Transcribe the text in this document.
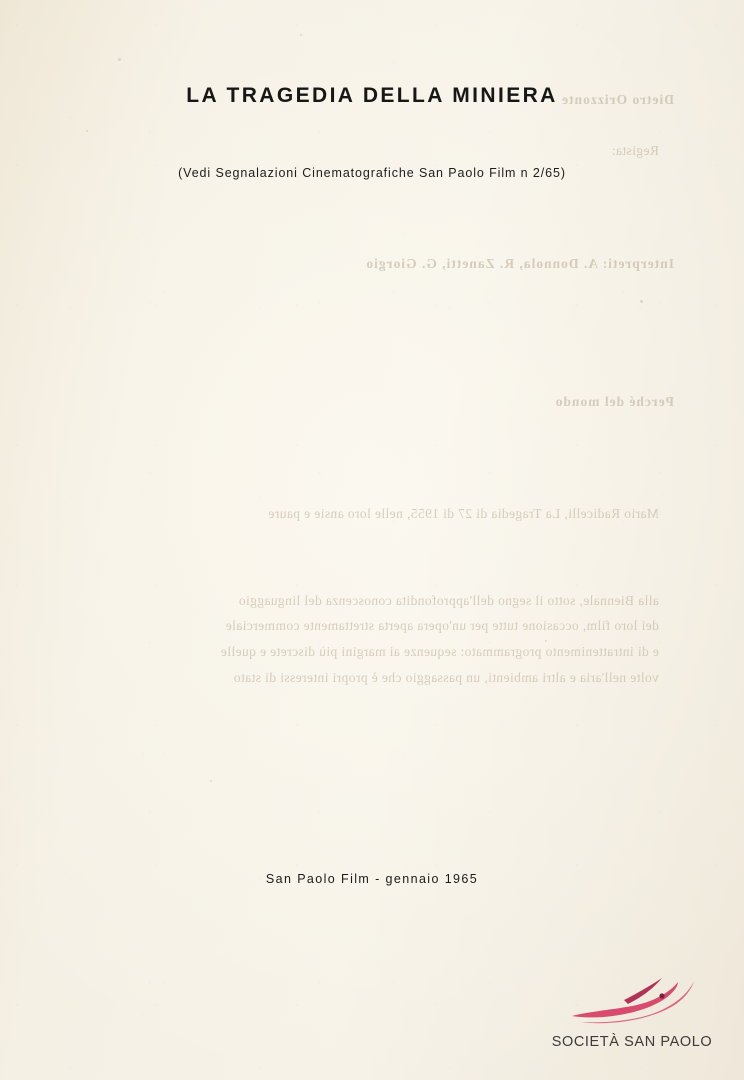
Dietro Orizzonte

Regista:

Interpreti: A. Donnola, R. Zanetti, G. Giorgio

Perché del mondo

Mario Radicelli, La Tragedia di 27 di 1955, nelle loro ansie e paure

alla Biennale, sotto il segno dell'approfondita conoscenza del linguaggio
dei loro film, occasione tutte per un'opera aperta strettamente commerciale
e di intrattenimento programmato: sequenze ai margini più discrete e quelle
volte nell'aria e altri ambienti, un passaggio che è propri interessi di stato

LA TRAGEDIA DELLA MINIERA
(Vedi Segnalazioni Cinematografiche San Paolo Film n 2/65)
San Paolo Film - gennaio 1965
SOCIETÀ SAN PAOLO
